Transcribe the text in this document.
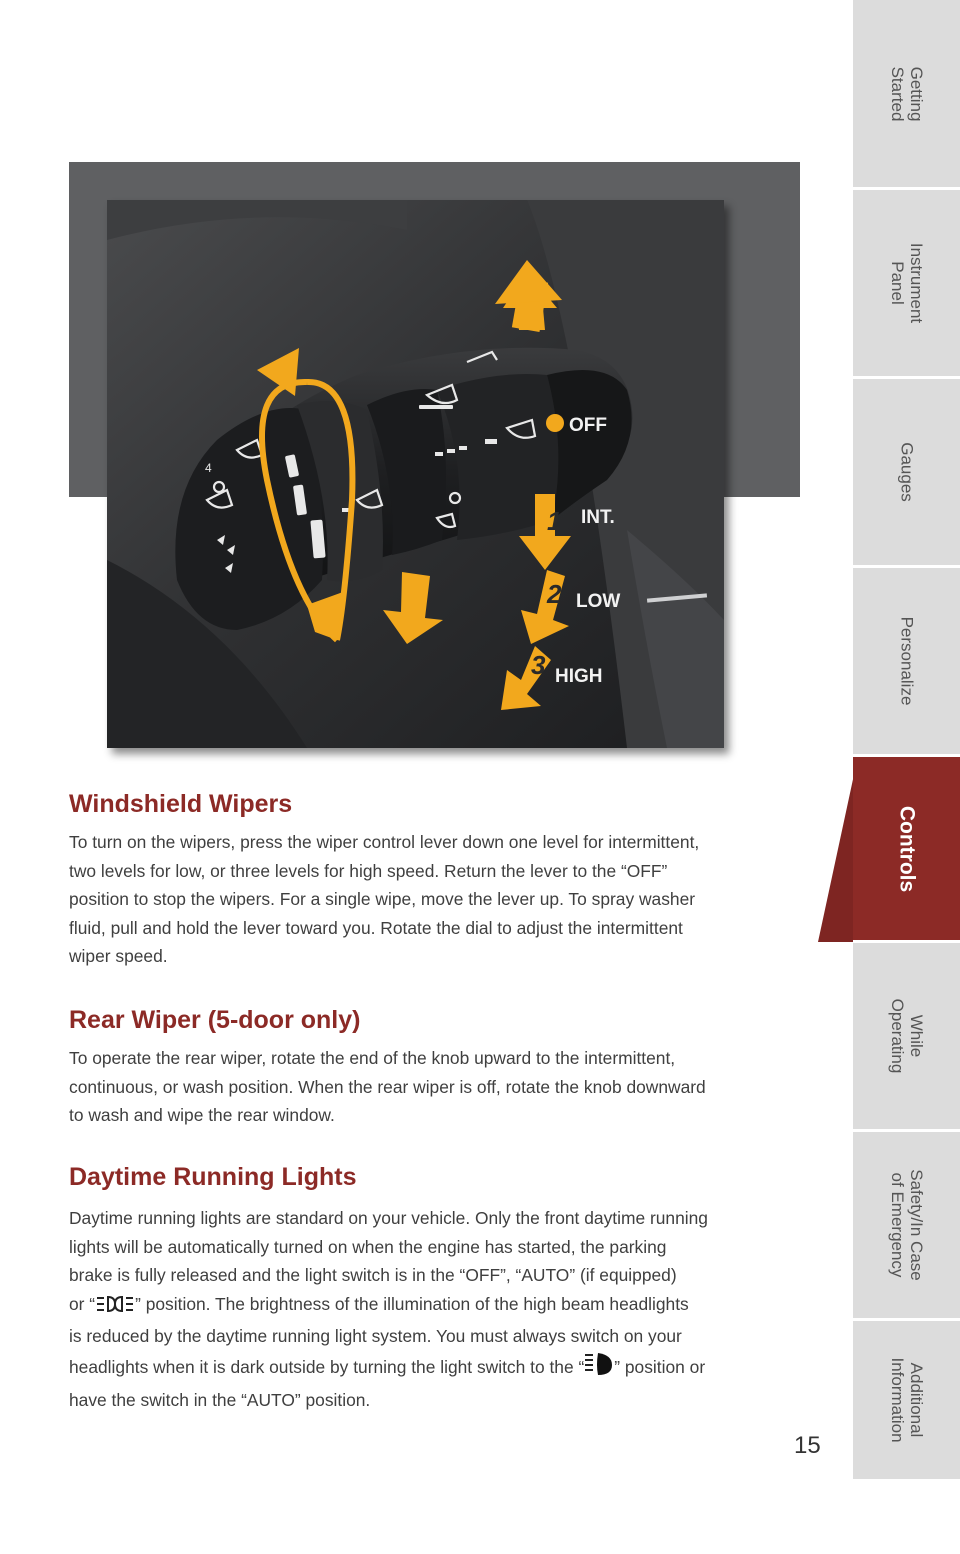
4
OFF
1 INT.
2 LOW
3 HIGH
Windshield Wipers
To turn on the wipers, press the wiper control lever down one level for intermittent,
two levels for low, or three levels for high speed. Return the lever to the “OFF”
position to stop the wipers. For a single wipe, move the lever up. To spray washer
fluid, pull and hold the lever toward you. Rotate the dial to adjust the intermittent
wiper speed.
Rear Wiper (5-door only)
To operate the rear wiper, rotate the end of the knob upward to the intermittent,
continuous, or wash position. When the rear wiper is off, rotate the knob downward
to wash and wipe the rear window.
Daytime Running Lights
Daytime running lights are standard on your vehicle. Only the front daytime running
lights will be automatically turned on when the engine has started, the parking
brake is fully released and the light switch is in the “OFF”, “AUTO” (if equipped)
or “ ” position. The brightness of the illumination of the high beam headlights
is reduced by the daytime running light system. You must always switch on your
headlights when it is dark outside by turning the light switch to the “ ” position or
have the switch in the “AUTO” position.
15
Getting
Started
Instrument
Panel
Gauges
Personalize
Controls
While
Operating
Safety/In Case
of Emergency
Additional
Information
